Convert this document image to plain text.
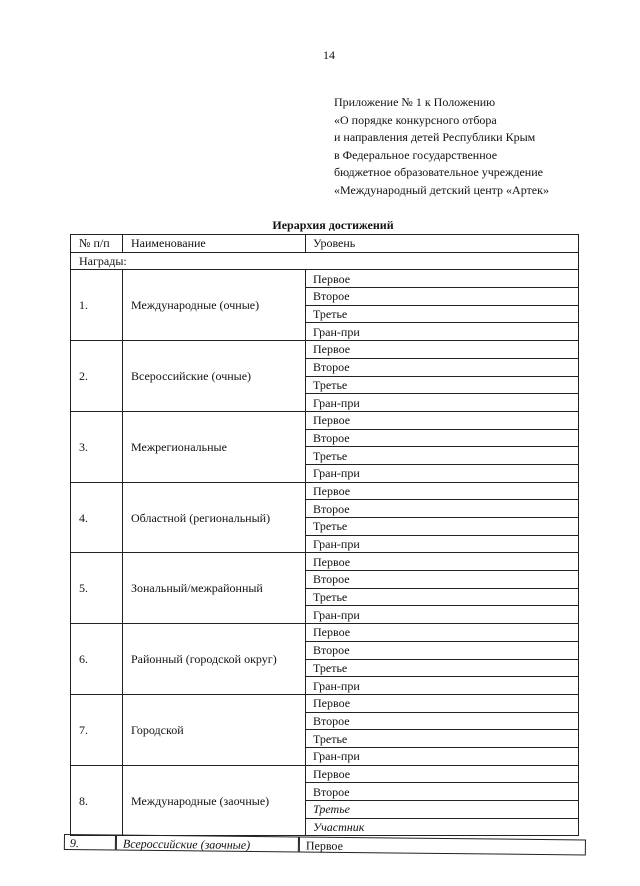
14
Приложение № 1 к Положению
«О порядке конкурсного отбора
и направления детей Республики Крым
в Федеральное государственное
бюджетное образовательное учреждение
«Международный детский центр «Артек»
Иерархия достижений
№ п/п	Наименование	Уровень
Награды:		
1.	Международные (очные)	Первое
		Второе
		Третье
		Гран-при
2.	Всероссийские (очные)	Первое
		Второе
		Третье
		Гран-при
3.	Межрегиональные	Первое
		Второе
		Третье
		Гран-при
4.	Областной (региональный)	Первое
		Второе
		Третье
		Гран-при
5.	Зональный/межрайонный	Первое
		Второе
		Третье
		Гран-при
6.	Районный (городской округ)	Первое
		Второе
		Третье
		Гран-при
7.	Городской	Первое
		Второе
		Третье
		Гран-при
8.	Международные (заочные)	Первое
		Второе
		Третье
		Участник
9.	Всероссийские (заочные)	Первое
